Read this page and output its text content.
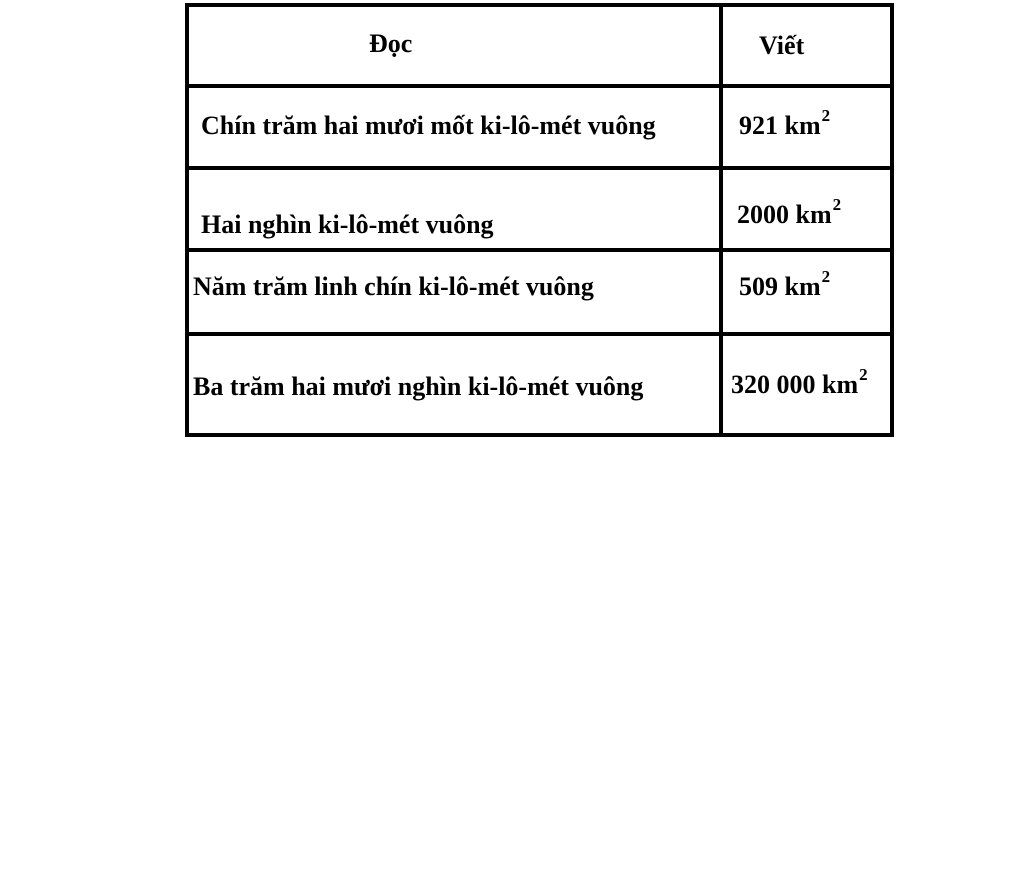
Đọc	Viết
Chín trăm hai mươi mốt ki-lô-mét vuông	921 $km^2$
Hai nghìn ki-lô-mét vuông	2000 $km^2$
Năm trăm linh chín ki-lô-mét vuông	509 $km^2$
Ba trăm hai mươi nghìn ki-lô-mét vuông	320 000 $km^2$
